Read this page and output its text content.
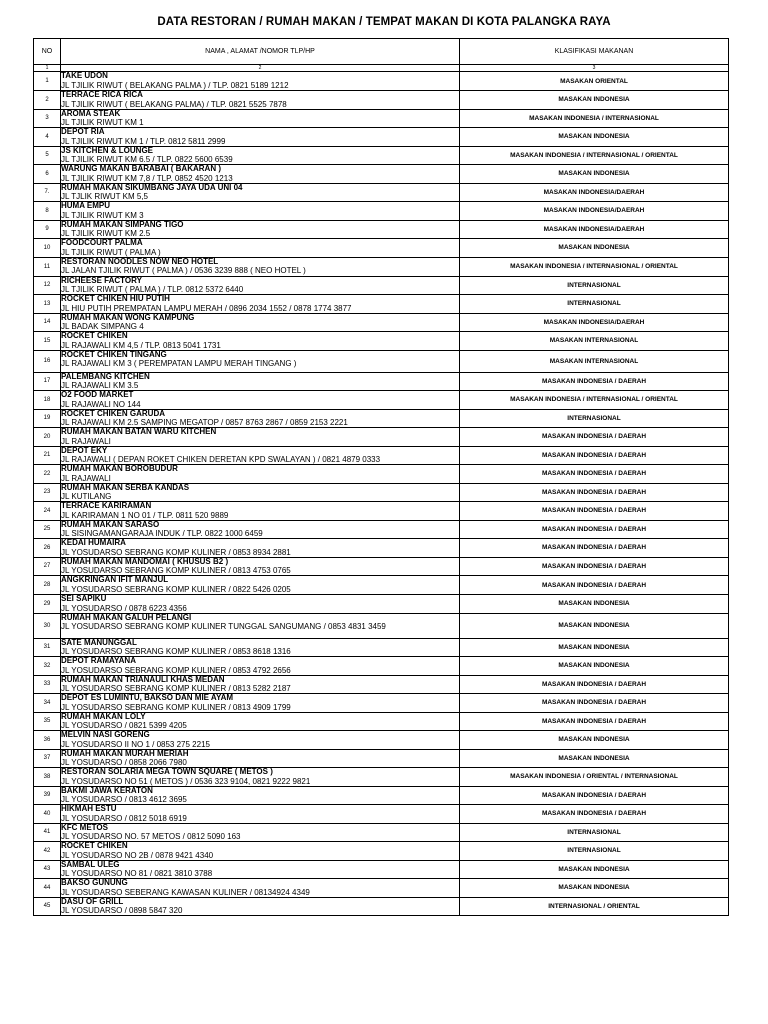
DATA RESTORAN / RUMAH MAKAN / TEMPAT MAKAN DI KOTA PALANGKA RAYA
NO	NAMA , ALAMAT /NOMOR TLP/HP	KLASIFIKASI MAKANAN
1	2	3
1	TAKE UDON
JL TJILIK RIWUT ( BELAKANG PALMA ) / TLP. 0821 5189 1212	MASAKAN ORIENTAL
2	TERRACE RICA RICA
JL TJILIK RIWUT ( BELAKANG PALMA) / TLP. 0821 5525 7878	MASAKAN INDONESIA
3	AROMA STEAK
JL TJILIK RIWUT KM 1	MASAKAN INDONESIA / INTERNASIONAL
4	DEPOT RIA
JL TJILIK RIWUT KM 1 / TLP. 0812 5811 2999	MASAKAN INDONESIA
5	JS KITCHEN & LOUNGE
JL TJILIK RIWUT KM 6.5 / TLP. 0822 5600 6539	MASAKAN INDONESIA / INTERNASIONAL / ORIENTAL
6	WARUNG MAKAN BARABAI ( BAKARAN )
JL TJILIK RIWUT KM 7,8 / TLP. 0852 4520 1213	MASAKAN INDONESIA
7.	RUMAH MAKAN SIKUMBANG JAYA UDA UNI 04
JL TJLIK RIWUT KM 5,5	MASAKAN INDONESIA/DAERAH
8	HUMA EMPU
JL TJILIK RIWUT KM 3	MASAKAN INDONESIA/DAERAH
9	RUMAH MAKAN SIMPANG TIGO
JL TJILIK RIWUT KM 2.5	MASAKAN INDONESIA/DAERAH
10	FOODCOURT PALMA
JL TJILIK RIWUT ( PALMA )	MASAKAN INDONESIA
11	RESTORAN NOODLES NOW NEO HOTEL
JL JALAN TJILIK RIWUT ( PALMA ) / 0536 3239 888 ( NEO HOTEL )	MASAKAN INDONESIA / INTERNASIONAL / ORIENTAL
12	RICHEESE FACTORY
JL TJILIK RIWUT ( PALMA ) / TLP. 0812 5372 6440	INTERNASIONAL
13	ROCKET CHIKEN HIU PUTIH
JL HIU PUTIH PREMPATAN LAMPU MERAH / 0896 2034 1552 / 0878 1774 3877	INTERNASIONAL
14	RUMAH MAKAN WONG KAMPUNG
JL BADAK SIMPANG 4	MASAKAN INDONESIA/DAERAH
15	ROCKET CHIKEN
JL RAJAWALI KM 4,5 / TLP. 0813 5041 1731	MASAKAN INTERNASIONAL
16	ROCKET CHIKEN TINGANG
JL RAJAWALI KM 3 ( PEREMPATAN LAMPU MERAH TINGANG )	MASAKAN INTERNASIONAL
17	PALEMBANG KITCHEN
JL RAJAWALI KM 3.5	MASAKAN INDONESIA / DAERAH
18	O2 FOOD MARKET
JL RAJAWALI NO 144	MASAKAN INDONESIA / INTERNASIONAL / ORIENTAL
19	ROCKET CHIKEN GARUDA
JL RAJAWALI KM 2.5 SAMPING MEGATOP / 0857 8763 2867 / 0859 2153 2221	INTERNASIONAL
20	RUMAH MAKAN BATAN WARU KITCHEN
JL RAJAWALI	MASAKAN INDONESIA / DAERAH
21	DEPOT EKY
JL RAJAWALI ( DEPAN ROKET CHIKEN DERETAN KPD SWALAYAN ) / 0821 4879 0333	MASAKAN INDONESIA / DAERAH
22	RUMAH MAKAN BOROBUDUR
JL RAJAWALI	MASAKAN INDONESIA / DAERAH
23	RUMAH MAKAN SERBA KANDAS
JL KUTILANG	MASAKAN INDONESIA / DAERAH
24	TERRACE KARIRAMAN
JL KARIRAMAN 1 NO 01 / TLP. 0811 520 9889	MASAKAN INDONESIA / DAERAH
25	RUMAH MAKAN SARASO
JL SISINGAMANGARAJA INDUK / TLP. 0822 1000 6459	MASAKAN INDONESIA / DAERAH
26	KEDAI HUMAIRA
JL YOSUDARSO SEBRANG KOMP KULINER / 0853 8934 2881	MASAKAN INDONESIA / DAERAH
27	RUMAH MAKAN MANDOMAI ( KHUSUS B2 )
JL YOSUDARSO SEBRANG KOMP KULINER / 0813 4753 0765	MASAKAN INDONESIA / DAERAH
28	ANGKRINGAN IFIT MANJUL
JL YOSUDARSO SEBRANG KOMP KULINER / 0822 5426 0205	MASAKAN INDONESIA / DAERAH
29	SEI SAPIKU
JL YOSUDARSO / 0878 6223 4356	MASAKAN INDONESIA
30	RUMAH MAKAN GALUH PELANGI
JL YOSUDARSO SEBRANG KOMP KULINER TUNGGAL SANGUMANG / 0853 4831 3459	MASAKAN INDONESIA
31	SATE MANUNGGAL
JL YOSUDARSO SEBRANG KOMP KULINER / 0853 8618 1316	MASAKAN INDONESIA
32	DEPOT RAMAYANA
JL YOSUDARSO SEBRANG KOMP KULINER / 0853 4792 2656	MASAKAN INDONESIA
33	RUMAH MAKAN TRIANAULI KHAS MEDAN
JL YOSUDARSO SEBRANG KOMP KULINER / 0813 5282 2187	MASAKAN INDONESIA / DAERAH
34	DEPOT ES LUMINTU, BAKSO DAN MIE AYAM
JL YOSUDARSO SEBRANG KOMP KULINER / 0813 4909 1799	MASAKAN INDONESIA / DAERAH
35	RUMAH MAKAN LOLY
JL YOSUDARSO / 0821 5399 4205	MASAKAN INDONESIA / DAERAH
36	MELVIN NASI GORENG
JL YOSUDARSO II NO 1 / 0853 275 2215	MASAKAN INDONESIA
37	RUMAH MAKAN MURAH MERIAH
JL YOSUDARSO / 0858 2066 7980	MASAKAN INDONESIA
38	RESTORAN SOLARIA MEGA TOWN SQUARE ( METOS )
JL YOSUDARSO NO 51 ( METOS ) / 0536 323 9104, 0821 9222 9821	MASAKAN INDONESIA / ORIENTAL / INTERNASIONAL
39	BAKMI JAWA KERATON
JL YOSUDARSO / 0813 4612 3695	MASAKAN INDONESIA / DAERAH
40	HIKMAH ESTU
JL YOSUDARSO / 0812 5018 6919	MASAKAN INDONESIA / DAERAH
41	KFC METOS
JL YOSUDARSO NO. 57 METOS / 0812 5090 163	INTERNASIONAL
42	ROCKET CHIKEN
JL YOSUDARSO NO 2B / 0878 9421 4340	INTERNASIONAL
43	SAMBAL ULEG
JL YOSUDARSO NO 81 / 0821 3810 3788	MASAKAN INDONESIA
44	BAKSO GUNUNG
JL YOSUDARSO SEBERANG KAWASAN KULINER / 08134924 4349	MASAKAN INDONESIA
45	DASU OF GRILL
JL YOSUDARSO / 0898 5847 320	INTERNASIONAL / ORIENTAL
